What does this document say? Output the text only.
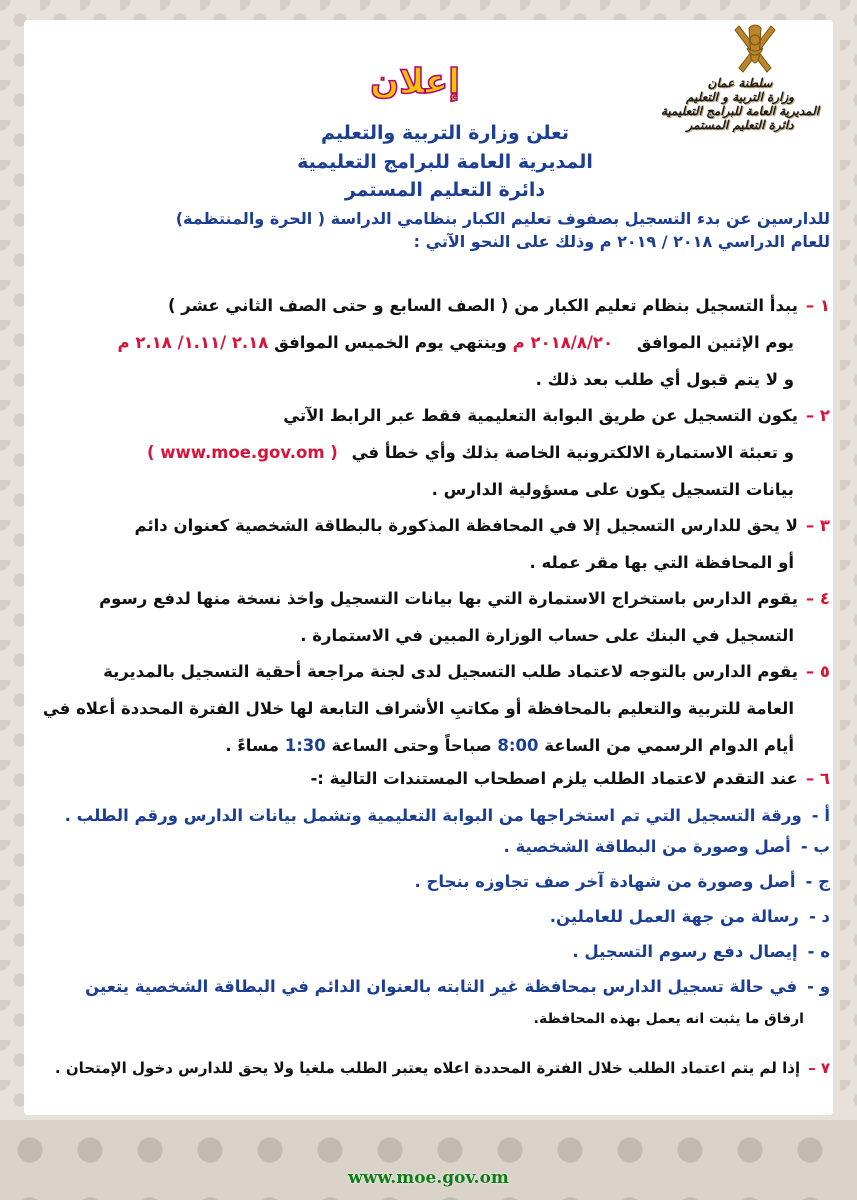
سلطنة عمان
وزارة التربية و التعليم
المديرية العامة للبرامج التعليمية
دائرة التعليم المستمر
إعلان
تعلن وزارة التربية والتعليم
المديرية العامة للبرامج التعليمية
دائرة التعليم المستمر
للدارسين عن بدء التسجيل بصفوف تعليم الكبار بنظامي الدراسة ( الحرة والمنتظمة)
للعام الدراسي ٢٠١٨ / ٢٠١٩ م وذلك على النحو الآتي :
١ –يبدأ التسجيل بنظام تعليم الكبار من ( الصف السابع و حتى الصف الثاني عشر )
يوم الإثنين الموافق ٢٠١٨/٨/٢٠ م وينتهي يوم الخميس الموافق ٢.١٨ /١.١١/ ٢.١٨ م
و لا يتم قبول أي طلب بعد ذلك .
٢ –يكون التسجيل عن طريق البوابة التعليمية فقط عبر الرابط الآتي
و تعبئة الاستمارة الالكترونية الخاصة بذلك وأي خطأ في ( www.moe.gov.om )
بيانات التسجيل يكون على مسؤولية الدارس .
٣ –لا يحق للدارس التسجيل إلا في المحافظة المذكورة بالبطاقة الشخصية كعنوان دائم
أو المحافظة التي بها مقر عمله .
٤ –يقوم الدارس باستخراج الاستمارة التي بها بيانات التسجيل واخذ نسخة منها لدفع رسوم
التسجيل في البنك على حساب الوزارة المبين في الاستمارة .
٥ –يقوم الدارس بالتوجه لاعتماد طلب التسجيل لدى لجنة مراجعة أحقية التسجيل بالمديرية
العامة للتربية والتعليم بالمحافظة أو مكاتبِ الأشراف التابعة لها خلال الفترة المحددة أعلاه في
أيام الدوام الرسمي من الساعة 8:00 صباحاً وحتى الساعة 1:30 مساءً .
٦ –عند التقدم لاعتماد الطلب يلزم اصطحاب المستندات التالية :-
أ -ورقة التسجيل التي تم استخراجها من البوابة التعليمية وتشمل بيانات الدارس ورقم الطلب .
ب -أصل وصورة من البطاقة الشخصية .
ج -أصل وصورة من شهادة آخر صف تجاوزه بنجاح .
د -رسالة من جهة العمل للعاملين.
ه -إيصال دفع رسوم التسجيل .
و -في حالة تسجيل الدارس بمحافظة غير الثابته بالعنوان الدائم في البطاقة الشخصية يتعين
ارفاق ما يثبت انه يعمل بهذه المحافظة.
٧ –إذا لم يتم اعتماد الطلب خلال الفترة المحددة اعلاه يعتبر الطلب ملغيا ولا يحق للدارس دخول الإمتحان .
www.moe.gov.om
